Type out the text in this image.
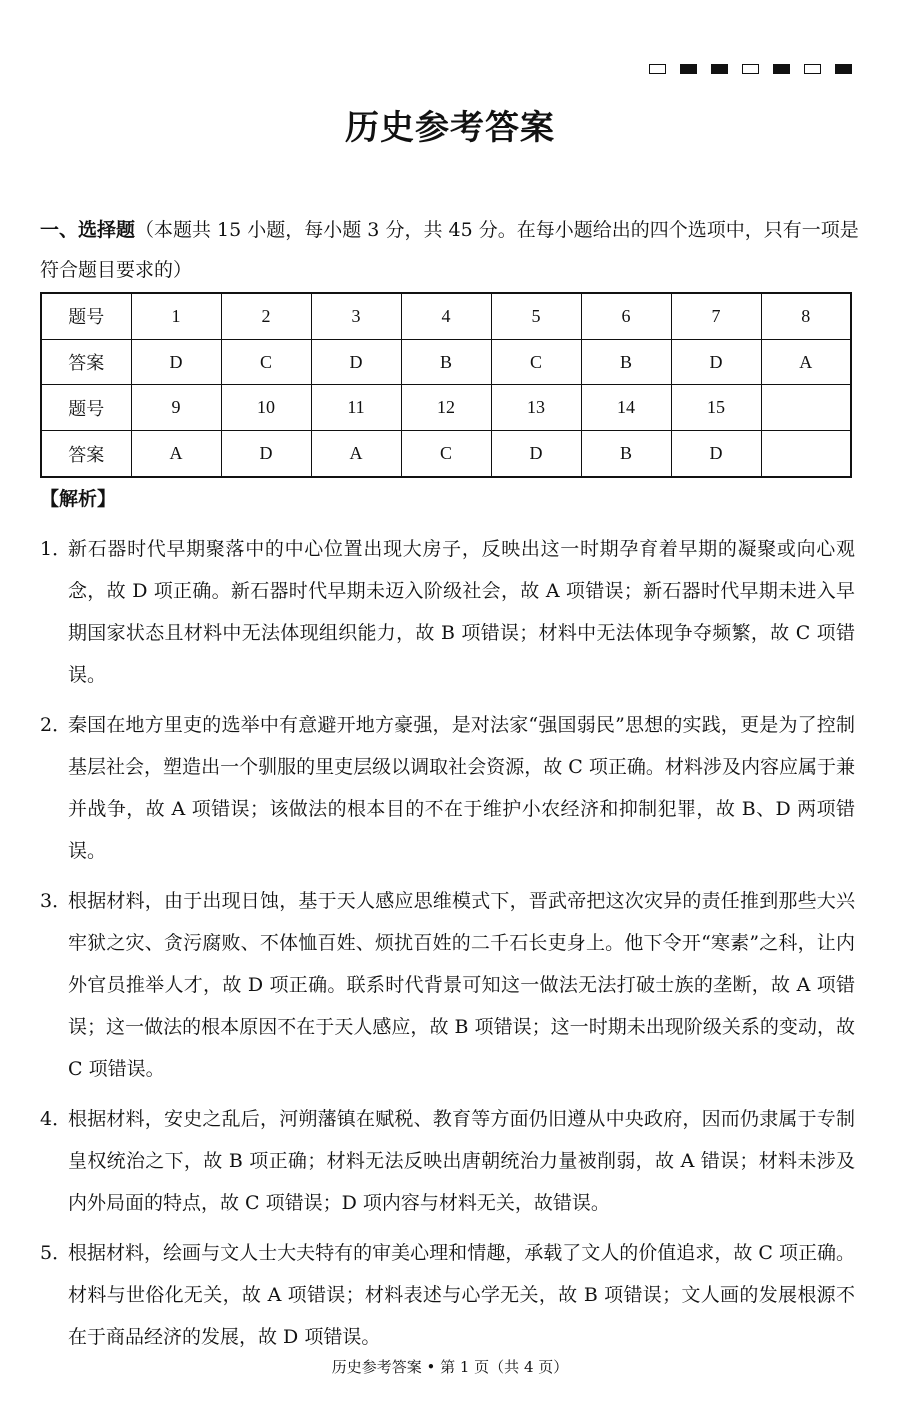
历史参考答案

一、选择题（本题共 15 小题，每小题 3 分，共 45 分。在每小题给出的四个选项中，只有一项是符合题目要求的）

题号	1	2	3	4	5	6	7	8
答案	D	C	D	B	C	B	D	A
题号	9	10	11	12	13	14	15	
答案	A	D	A	C	D	B	D	

【解析】

1．
新石器时代早期聚落中的中心位置出现大房子，反映出这一时期孕育着早期的凝聚或向心观念，故 D 项正确。新石器时代早期未迈入阶级社会，故 A 项错误；新石器时代早期未进入早期国家状态且材料中无法体现组织能力，故 B 项错误；材料中无法体现争夺频繁，故 C 项错误。
2．
秦国在地方里吏的选举中有意避开地方豪强，是对法家“强国弱民”思想的实践，更是为了控制基层社会，塑造出一个驯服的里吏层级以调取社会资源，故 C 项正确。材料涉及内容应属于兼并战争，故 A 项错误；该做法的根本目的不在于维护小农经济和抑制犯罪，故 B、D 两项错误。
3．
根据材料，由于出现日蚀，基于天人感应思维模式下，晋武帝把这次灾异的责任推到那些大兴牢狱之灾、贪污腐败、不体恤百姓、烦扰百姓的二千石长吏身上。他下令开“寒素”之科，让内外官员推举人才，故 D 项正确。联系时代背景可知这一做法无法打破士族的垄断，故 A 项错误；这一做法的根本原因不在于天人感应，故 B 项错误；这一时期未出现阶级关系的变动，故 C 项错误。
4．
根据材料，安史之乱后，河朔藩镇在赋税、教育等方面仍旧遵从中央政府，因而仍隶属于专制皇权统治之下，故 B 项正确；材料无法反映出唐朝统治力量被削弱，故 A 错误；材料未涉及内外局面的特点，故 C 项错误；D 项内容与材料无关，故错误。
5．
根据材料，绘画与文人士大夫特有的审美心理和情趣，承载了文人的价值追求，故 C 项正确。材料与世俗化无关，故 A 项错误；材料表述与心学无关，故 B 项错误；文人画的发展根源不在于商品经济的发展，故 D 项错误。

历史参考答案 • 第 1 页（共 4 页）
